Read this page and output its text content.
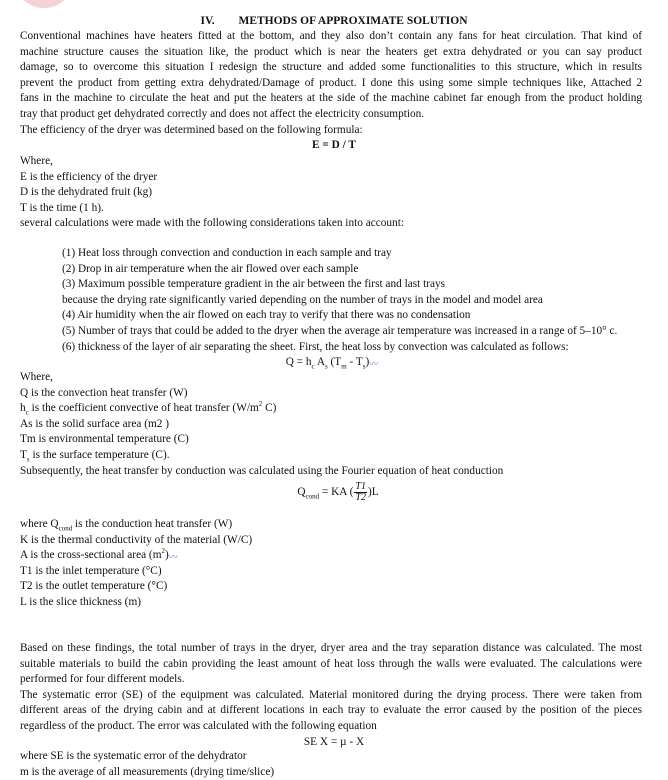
IV. METHODS OF APPROXIMATE SOLUTION
Conventional machines have heaters fitted at the bottom, and they also don’t contain any fans for heat circulation. That kind of
machine structure causes the situation like, the product which is near the heaters get extra dehydrated or you can say product
damage, so to overcome this situation I redesign the structure and added some functionalities to this structure, which in results
prevent the product from getting extra dehydrated/Damage of product. I done this using some simple techniques like, Attached 2
fans in the machine to circulate the heat and put the heaters at the side of the machine cabinet far enough from the product holding
tray that product get dehydrated correctly and does not affect the electricity consumption.
The efficiency of the dryer was determined based on the following formula:
E = D / T
Where,
E is the efficiency of the dryer
D is the dehydrated fruit (kg)
T is the time (1 h).
several calculations were made with the following considerations taken into account:
(1) Heat loss through convection and conduction in each sample and tray
(2) Drop in air temperature when the air flowed over each sample
(3) Maximum possible temperature gradient in the air between the first and last trays
because the drying rate significantly varied depending on the number of trays in the model and model area
(4) Air humidity when the air flowed on each tray to verify that there was no condensation
(5) Number of trays that could be added to the dryer when the average air temperature was increased in a range of 5–10° c.
(6) thickness of the layer of air separating the sheet. First, the heat loss by convection was calculated as follows:
$Q = h_c$ $A_s$ $(T_m - T_s)$〰
Where,
Q is the convection heat transfer (W)
$h_c$ is the coefficient convective of heat transfer ($W/m^2$ C)
As is the solid surface area (m2 )
Tm is environmental temperature (C)
$T_s$ is the surface temperature (C).
Subsequently, the heat transfer by conduction was calculated using the Fourier equation of heat conduction
$Q_{cond}$ = KA ( $\frac{T1}{T2} )L$
where $Q_{cond}$ is the conduction heat transfer (W)
K is the thermal conductivity of the material (W/C)
A is the cross-sectional area $(m^2)$〰
T1 is the inlet temperature (°C)
T2 is the outlet temperature (°C)
L is the slice thickness (m)
Based on these findings, the total number of trays in the dryer, dryer area and the tray separation distance was calculated. The most
suitable materials to build the cabin providing the least amount of heat loss through the walls were evaluated. The calculations were
performed for four different models.
The systematic error (SE) of the equipment was calculated. Material monitored during the drying process. There were taken from
different areas of the drying cabin and at different locations in each tray to evaluate the error caused by the position of the pieces
regardless of the product. The error was calculated with the following equation
SE X = µ - X
where SE is the systematic error of the dehydrator
m is the average of all measurements (drying time/slice)
